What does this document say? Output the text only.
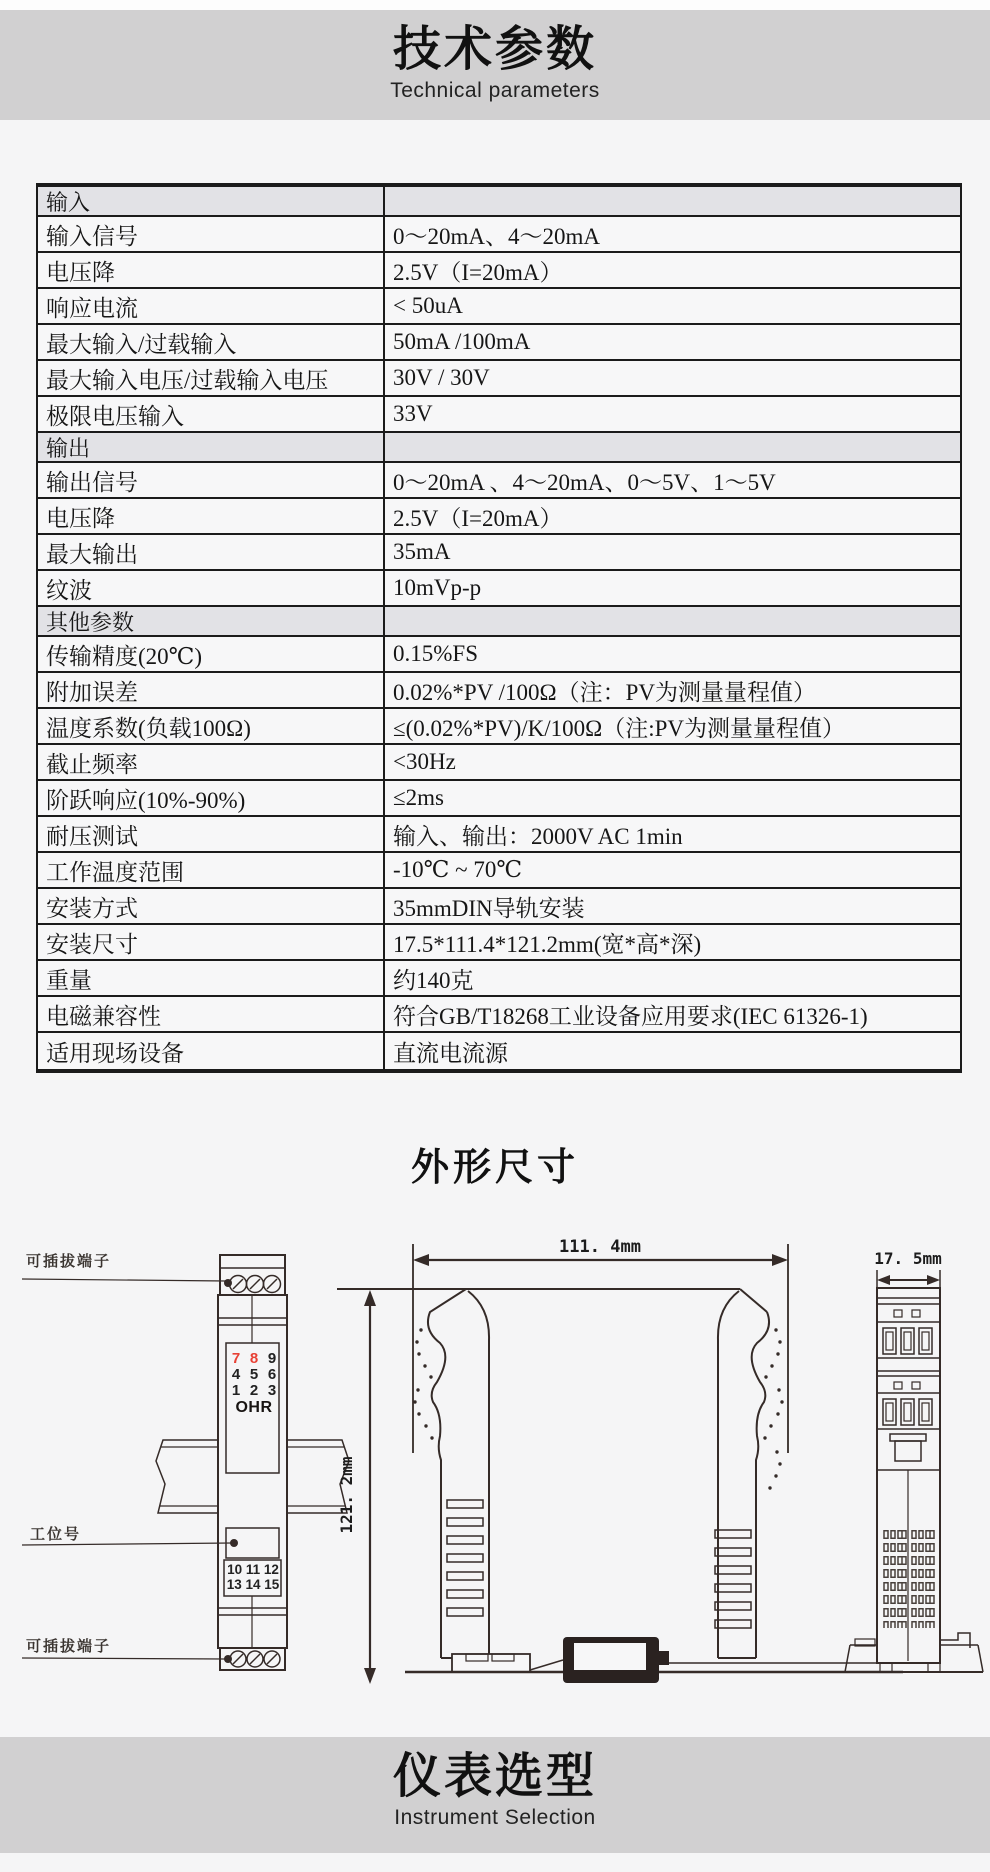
技术参数
Technical parameters
输入
输入信号	0～20mA、4～20mA
电压降	2.5V（I=20mA）
响应电流	< 50uA
最大输入/过载输入	50mA /100mA
最大输入电压/过载输入电压	30V / 30V
极限电压输入	33V
输出
输出信号	0～20mA 、4～20mA、0～5V、1～5V
电压降	2.5V（I=20mA）
最大输出	35mA
纹波	10mVp-p
其他参数
传输精度(20℃)	0.15%FS
附加误差	0.02%*PV /100Ω（注：PV为测量量程值）
温度系数(负载100Ω)	≤(0.02%*PV)/K/100Ω（注:PV为测量量程值）
截止频率	<30Hz
阶跃响应(10%-90%)	≤2ms
耐压测试	输入、输出：2000V AC 1min
工作温度范围	-10℃ ~ 70℃
安装方式	35mmDIN导轨安装
安装尺寸	17.5*111.4*121.2mm(宽*高*深)
重量	约140克
电磁兼容性	符合GB/T18268工业设备应用要求(IEC 61326-1)
适用现场设备	直流电流源
外形尺寸
111. 4mm
17. 5mm
121. 2mm
可插拔端子
工位号
可插拔端子
7 8 9
4 5 6
1 2 3
OHR
10 11 12
13 14 15
仪表选型
Instrument Selection
